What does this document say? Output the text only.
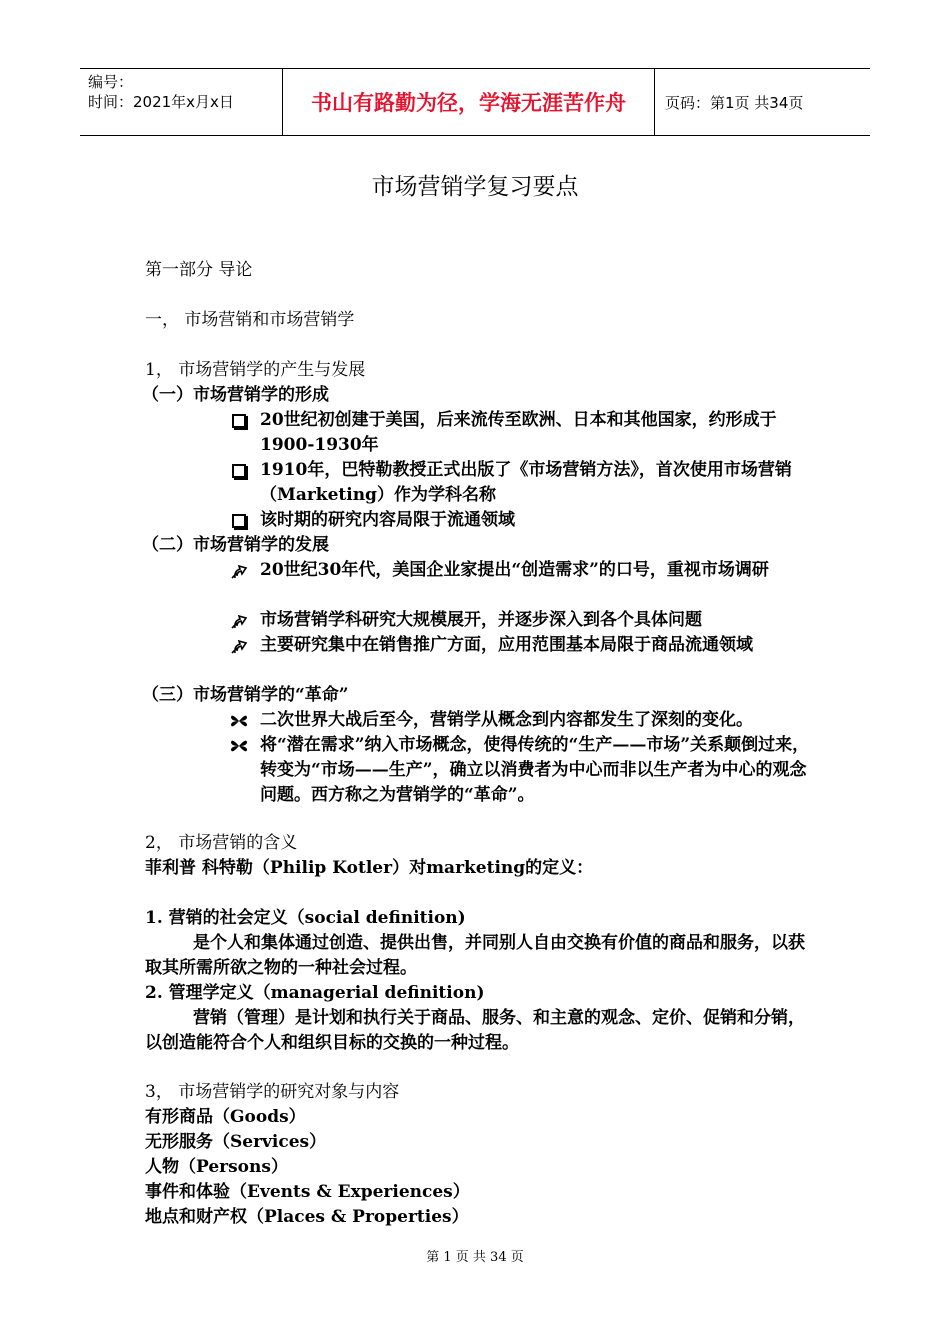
编号：
时间：2021年x月x日	书山有路勤为径，学海无涯苦作舟	页码：第1页 共34页
市场营销学复习要点
第一部分 导论
一， 市场营销和市场营销学
1， 市场营销学的产生与发展
（一）市场营销学的形成
20世纪初创建于美国，后来流传至欧洲、日本和其他国家，约形成于1900-1930年
1910年，巴特勒教授正式出版了《市场营销方法》，首次使用市场营销（Marketing）作为学科名称
该时期的研究内容局限于流通领域
（二）市场营销学的发展
20世纪30年代，美国企业家提出“创造需求”的口号，重视市场调研
市场营销学科研究大规模展开，并逐步深入到各个具体问题
主要研究集中在销售推广方面，应用范围基本局限于商品流通领域
（三）市场营销学的“革命”
二次世界大战后至今，营销学从概念到内容都发生了深刻的变化。
将“潜在需求”纳入市场概念，使得传统的“生产——市场”关系颠倒过来，转变为“市场——生产”，确立以消费者为中心而非以生产者为中心的观念问题。西方称之为营销学的“革命”。
2， 市场营销的含义
菲利普 科特勒（Philip Kotler）对marketing的定义：
1. 营销的社会定义（social definition)
是个人和集体通过创造、提供出售，并同别人自由交换有价值的商品和服务，以获取其所需所欲之物的一种社会过程。
2. 管理学定义（managerial definition)
营销（管理）是计划和执行关于商品、服务、和主意的观念、定价、促销和分销，以创造能符合个人和组织目标的交换的一种过程。
3， 市场营销学的研究对象与内容
有形商品（Goods）
无形服务（Services）
人物（Persons）
事件和体验（Events & Experiences）
地点和财产权（Places & Properties）
第 1 页 共 34 页
